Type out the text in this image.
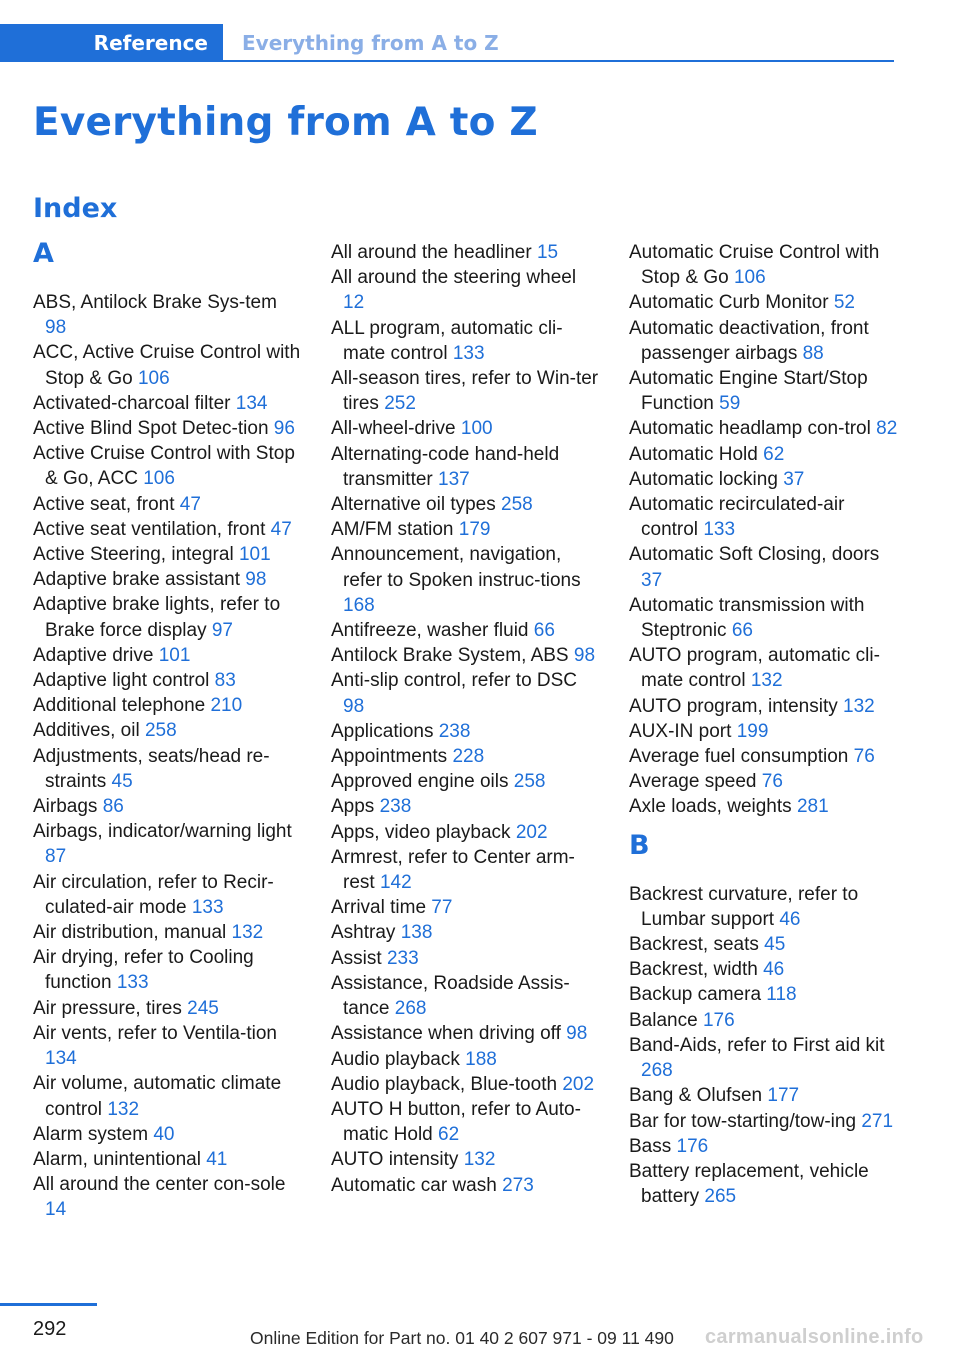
Reference	Everything from A to Z
Everything from A to Z
Index
A
ABS, Antilock Brake Sys‐tem 98
ACC, Active Cruise Control with Stop & Go 106
Activated-charcoal filter 134
Active Blind Spot Detec‐tion 96
Active Cruise Control with Stop & Go, ACC 106
Active seat, front 47
Active seat ventilation, front 47
Active Steering, integral 101
Adaptive brake assistant 98
Adaptive brake lights, refer to Brake force display 97
Adaptive drive 101
Adaptive light control 83
Additional telephone 210
Additives, oil 258
Adjustments, seats/head re‐straints 45
Airbags 86
Airbags, indicator/warning light 87
Air circulation, refer to Recir‐culated-air mode 133
Air distribution, manual 132
Air drying, refer to Cooling function 133
Air pressure, tires 245
Air vents, refer to Ventila‐tion 134
Air volume, automatic climate control 132
Alarm system 40
Alarm, unintentional 41
All around the center con‐sole 14
All around the headliner 15
All around the steering wheel 12
ALL program, automatic cli‐mate control 133
All-season tires, refer to Win‐ter tires 252
All-wheel-drive 100
Alternating-code hand-held transmitter 137
Alternative oil types 258
AM/FM station 179
Announcement, navigation, refer to Spoken instruc‐tions 168
Antifreeze, washer fluid 66
Antilock Brake System, ABS 98
Anti-slip control, refer to DSC 98
Applications 238
Appointments 228
Approved engine oils 258
Apps 238
Apps, video playback 202
Armrest, refer to Center arm‐rest 142
Arrival time 77
Ashtray 138
Assist 233
Assistance, Roadside Assis‐tance 268
Assistance when driving off 98
Audio playback 188
Audio playback, Blue‐tooth 202
AUTO H button, refer to Auto‐matic Hold 62
AUTO intensity 132
Automatic car wash 273
Automatic Cruise Control with Stop & Go 106
Automatic Curb Monitor 52
Automatic deactivation, front passenger airbags 88
Automatic Engine Start/Stop Function 59
Automatic headlamp con‐trol 82
Automatic Hold 62
Automatic locking 37
Automatic recirculated-air control 133
Automatic Soft Closing, doors 37
Automatic transmission with Steptronic 66
AUTO program, automatic cli‐mate control 132
AUTO program, intensity 132
AUX-IN port 199
Average fuel consumption 76
Average speed 76
Axle loads, weights 281
B
Backrest curvature, refer to Lumbar support 46
Backrest, seats 45
Backrest, width 46
Backup camera 118
Balance 176
Band-Aids, refer to First aid kit 268
Bang & Olufsen 177
Bar for tow-starting/tow‐ing 271
Bass 176
Battery replacement, vehicle battery 265
292	Online Edition for Part no. 01 40 2 607 971 - 09 11 490 carmanualsonline.info
